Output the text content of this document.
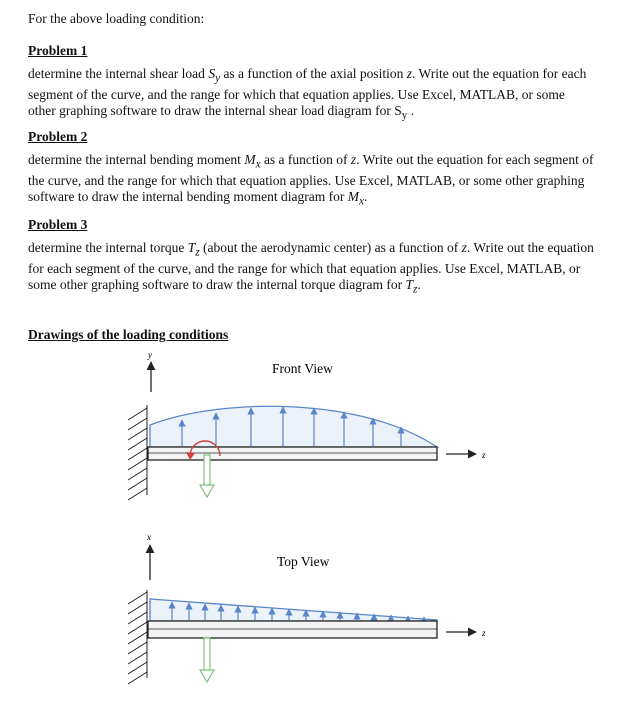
For the above loading condition:
Problem 1

determine the internal shear load $S_y$ as a function of the axial position z. Write out the equation for each segment of the curve, and the range for which that equation applies. Use Excel, MATLAB, or some other graphing software to draw the internal shear load diagram for $S_y$ .

Problem 2

determine the internal bending moment $M_x$ as a function of z. Write out the equation for each segment of the curve, and the range for which that equation applies. Use Excel, MATLAB, or some other graphing software to draw the internal bending moment diagram for $M_x$.

Problem 3

determine the internal torque $T_z$ (about the aerodynamic center) as a function of z. Write out the equation for each segment of the curve, and the range for which that equation applies. Use Excel, MATLAB, or some other graphing software to draw the internal torque diagram for $T_z$.

Drawings of the loading conditions
y
z
Front View
x
z
Top View
